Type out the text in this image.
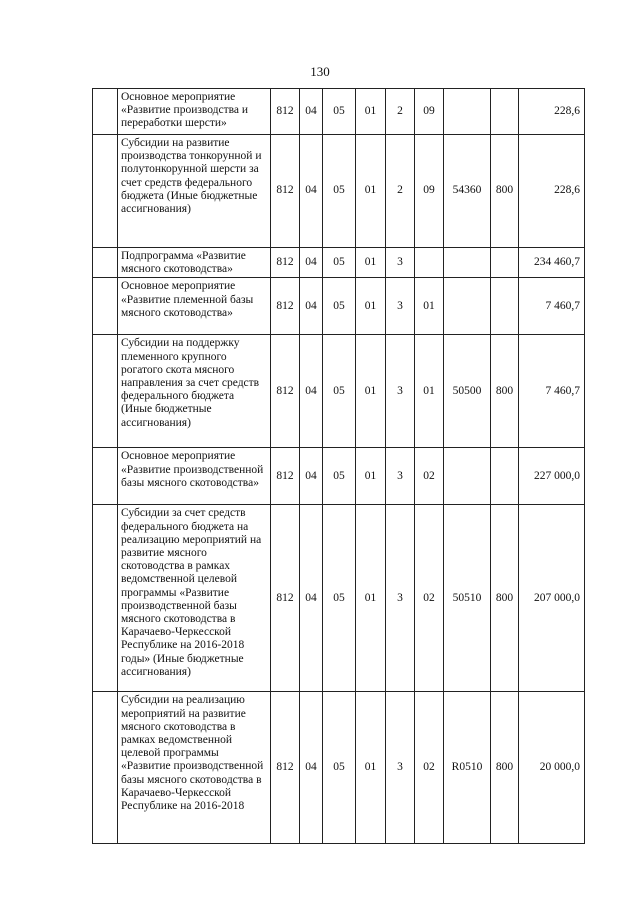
130
	Основное мероприятие «Развитие производства и переработки шерсти»	812	04	05	01	2	09			228,6
	Субсидии на развитие производства тонкорунной и полутонкорунной шерсти за счет средств федерального бюджета (Иные бюджетные ассигнования)	812	04	05	01	2	09	54360	800	228,6
	Подпрограмма «Развитие мясного скотоводства»	812	04	05	01	3				234 460,7
	Основное мероприятие «Развитие племенной базы мясного скотоводства»	812	04	05	01	3	01			7 460,7
	Субсидии на поддержку племенного крупного рогатого скота мясного направления за счет средств федерального бюджета (Иные бюджетные ассигнования)	812	04	05	01	3	01	50500	800	7 460,7
	Основное мероприятие «Развитие производственной базы мясного скотоводства»	812	04	05	01	3	02			227 000,0
	Субсидии за счет средств федерального бюджета на реализацию мероприятий на развитие мясного скотоводства в рамках ведомственной целевой программы «Развитие производственной базы мясного скотоводства в Карачаево-Черкесской Республике на 2016-2018 годы» (Иные бюджетные ассигнования)	812	04	05	01	3	02	50510	800	207 000,0
	Субсидии на реализацию мероприятий на развитие мясного скотоводства в рамках ведомственной целевой программы «Развитие производственной базы мясного скотоводства в Карачаево-Черкесской Республике на 2016-2018	812	04	05	01	3	02	R0510	800	20 000,0
